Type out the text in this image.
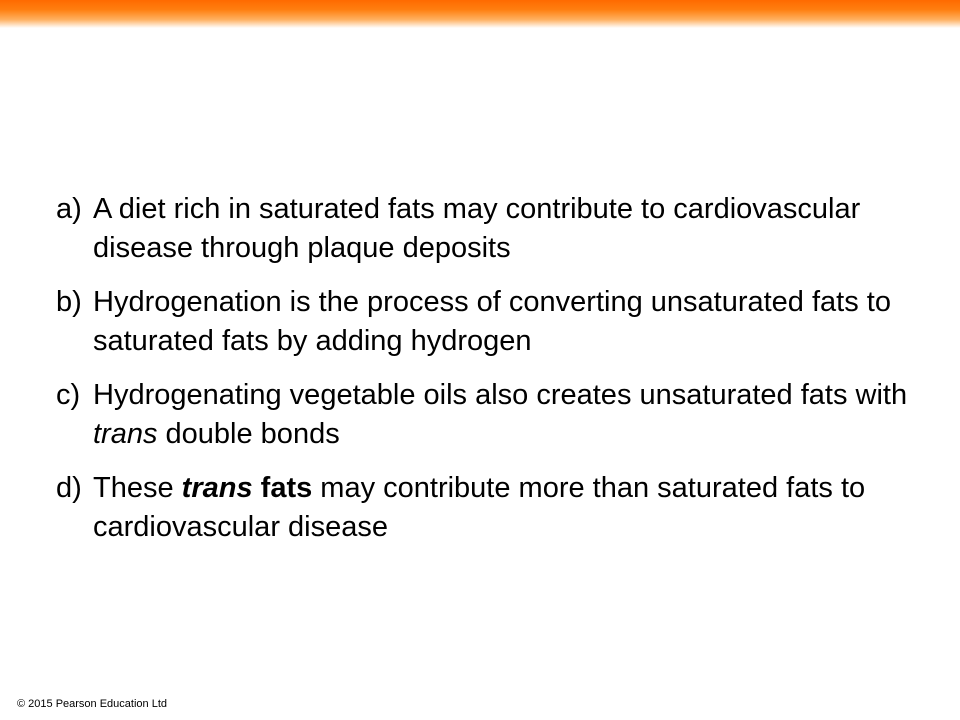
a) A diet rich in saturated fats may contribute to cardiovascular disease through plaque deposits
b) Hydrogenation is the process of converting unsaturated fats to saturated fats by adding hydrogen
c) Hydrogenating vegetable oils also creates unsaturated fats with trans double bonds
d) These trans fats may contribute more than saturated fats to cardiovascular disease
© 2015 Pearson Education Ltd
